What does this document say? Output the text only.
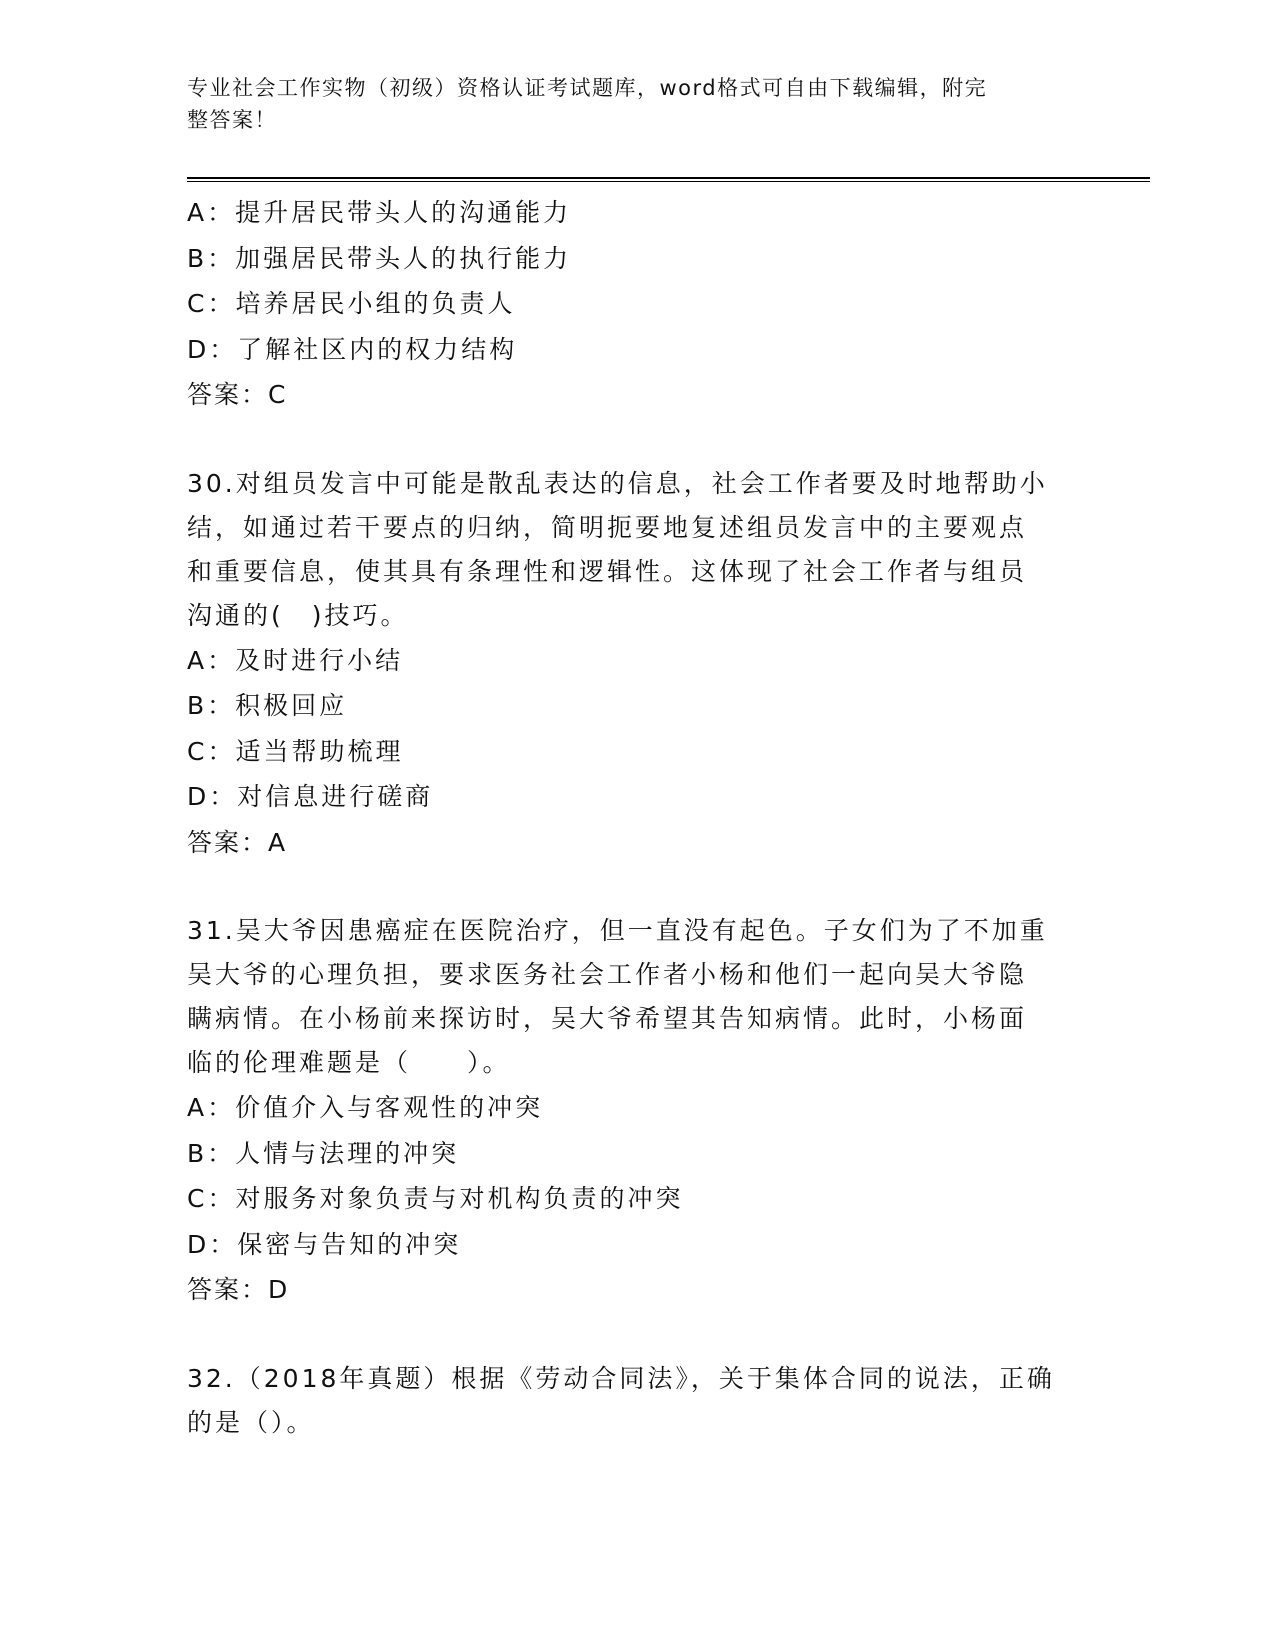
专业社会工作实物（初级）资格认证考试题库，word格式可自由下载编辑，附完
整答案！
A：提升居民带头人的沟通能力
B：加强居民带头人的执行能力
C：培养居民小组的负责人
D：了解社区内的权力结构
答案：C
30.对组员发言中可能是散乱表达的信息，社会工作者要及时地帮助小
结，如通过若干要点的归纳，简明扼要地复述组员发言中的主要观点
和重要信息，使其具有条理性和逻辑性。这体现了社会工作者与组员
沟通的(　)技巧。
A：及时进行小结
B：积极回应
C：适当帮助梳理
D：对信息进行磋商
答案：A
31.吴大爷因患癌症在医院治疗，但一直没有起色。子女们为了不加重
吴大爷的心理负担，要求医务社会工作者小杨和他们一起向吴大爷隐
瞒病情。在小杨前来探访时，吴大爷希望其告知病情。此时，小杨面
临的伦理难题是（　　）。
A：价值介入与客观性的冲突
B：人情与法理的冲突
C：对服务对象负责与对机构负责的冲突
D：保密与告知的冲突
答案：D
32.（2018年真题）根据《劳动合同法》，关于集体合同的说法，正确
的是（）。
